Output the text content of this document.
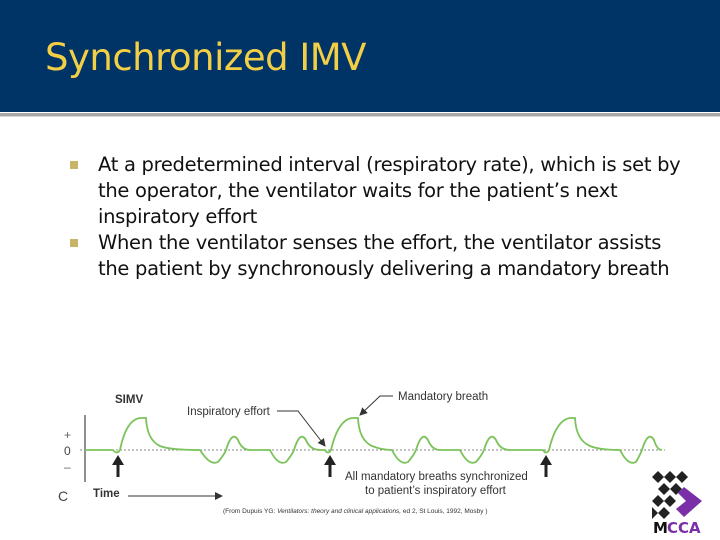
Synchronized IMV
At a predetermined interval (respiratory rate), which is set by the operator, the ventilator waits for the patient’s next inspiratory effort
When the ventilator senses the effort, the ventilator assists the patient by synchronously delivering a mandatory breath
+
0
–
SIMV
Inspiratory effort
Mandatory breath
All mandatory breaths synchronized
to patient’s inspiratory effort
C Time
(From Dupuis YG: Ventilators: theory and clinical applications, ed 2, St Louis, 1992, Mosby )
M CCA
